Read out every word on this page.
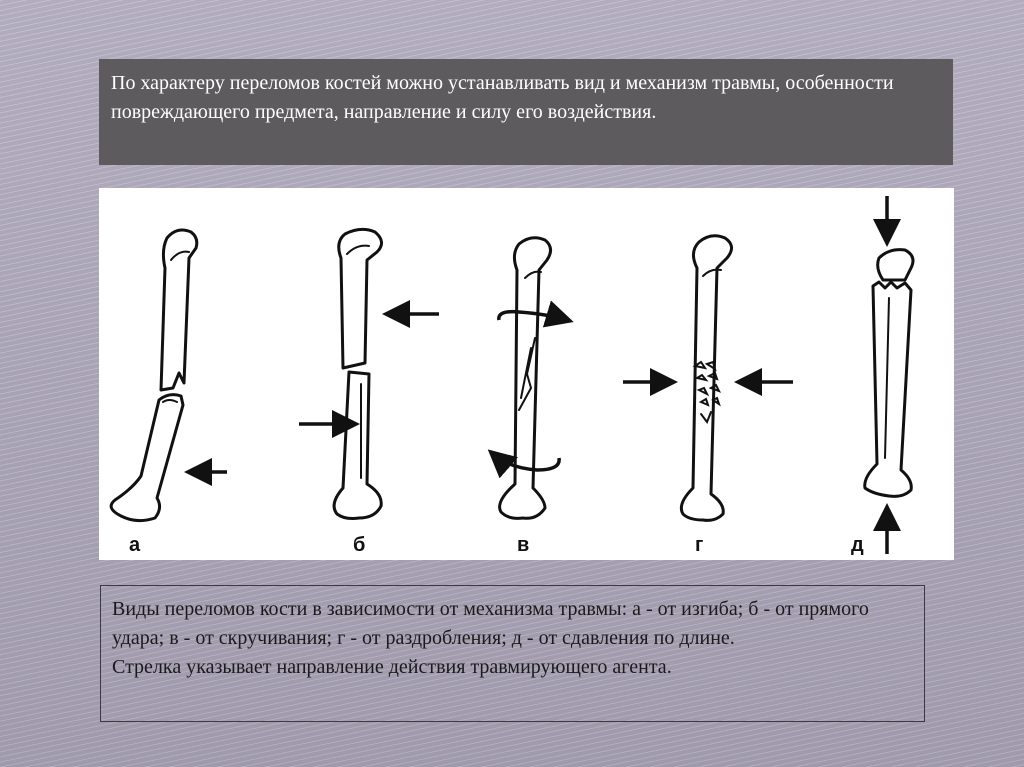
По характеру переломов костей можно устанавливать вид и механизм травмы, особенности повреждающего предмета, направление и силу его воздействия.
а	б	в	г	д

Виды переломов кости в зависимости от механизма травмы: а - от изгиба; б - от прямого удара; в - от скручивания; г - от раздробления; д - от сдавления по длине.

Стрелка указывает направление действия травмирующего агента.
